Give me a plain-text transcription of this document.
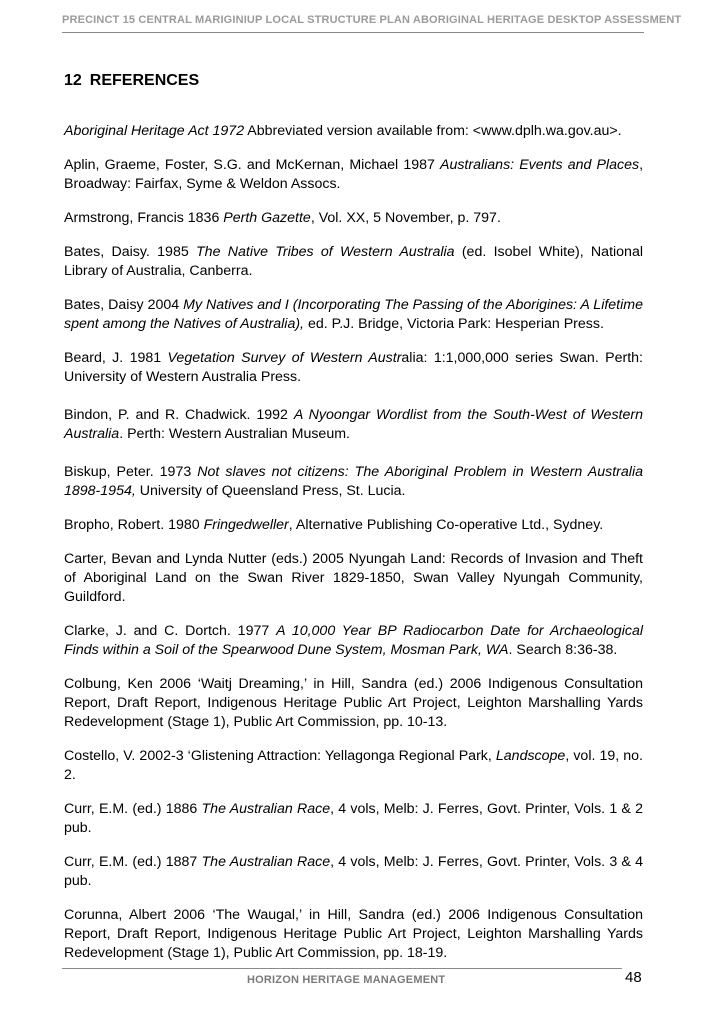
PRECINCT 15 CENTRAL MARIGINIUP LOCAL STRUCTURE PLAN ABORIGINAL HERITAGE DESKTOP ASSESSMENT
12 REFERENCES

Aboriginal Heritage Act 1972 Abbreviated version available from: <www.dplh.wa.gov.au>.

Aplin, Graeme, Foster, S.G. and McKernan, Michael 1987 Australians: Events and Places, Broadway: Fairfax, Syme & Weldon Assocs.

Armstrong, Francis 1836 Perth Gazette, Vol. XX, 5 November, p. 797.

Bates, Daisy. 1985 The Native Tribes of Western Australia (ed. Isobel White), National Library of Australia, Canberra.

Bates, Daisy 2004 My Natives and I (Incorporating The Passing of the Aborigines: A Lifetime spent among the Natives of Australia), ed. P.J. Bridge, Victoria Park: Hesperian Press.

Beard, J. 1981 Vegetation Survey of Western Australia: 1:1,000,000 series Swan. Perth: University of Western Australia Press.

Bindon, P. and R. Chadwick. 1992 A Nyoongar Wordlist from the South-West of Western Australia. Perth: Western Australian Museum.

Biskup, Peter. 1973 Not slaves not citizens: The Aboriginal Problem in Western Australia 1898-1954, University of Queensland Press, St. Lucia.

Bropho, Robert. 1980 Fringedweller, Alternative Publishing Co-operative Ltd., Sydney.

Carter, Bevan and Lynda Nutter (eds.) 2005 Nyungah Land: Records of Invasion and Theft of Aboriginal Land on the Swan River 1829-1850, Swan Valley Nyungah Community, Guildford.

Clarke, J. and C. Dortch. 1977 A 10,000 Year BP Radiocarbon Date for Archaeological Finds within a Soil of the Spearwood Dune System, Mosman Park, WA. Search 8:36-38.

Colbung, Ken 2006 ‘Waitj Dreaming,’ in Hill, Sandra (ed.) 2006 Indigenous Consultation Report, Draft Report, Indigenous Heritage Public Art Project, Leighton Marshalling Yards Redevelopment (Stage 1), Public Art Commission, pp. 10-13.

Costello, V. 2002-3 ‘Glistening Attraction: Yellagonga Regional Park, Landscope, vol. 19, no. 2.

Curr, E.M. (ed.) 1886 The Australian Race, 4 vols, Melb: J. Ferres, Govt. Printer, Vols. 1 & 2 pub.

Curr, E.M. (ed.) 1887 The Australian Race, 4 vols, Melb: J. Ferres, Govt. Printer, Vols. 3 & 4 pub.

Corunna, Albert 2006 ‘The Waugal,’ in Hill, Sandra (ed.) 2006 Indigenous Consultation Report, Draft Report, Indigenous Heritage Public Art Project, Leighton Marshalling Yards Redevelopment (Stage 1), Public Art Commission, pp. 18-19.

HORIZON HERITAGE MANAGEMENT	48
